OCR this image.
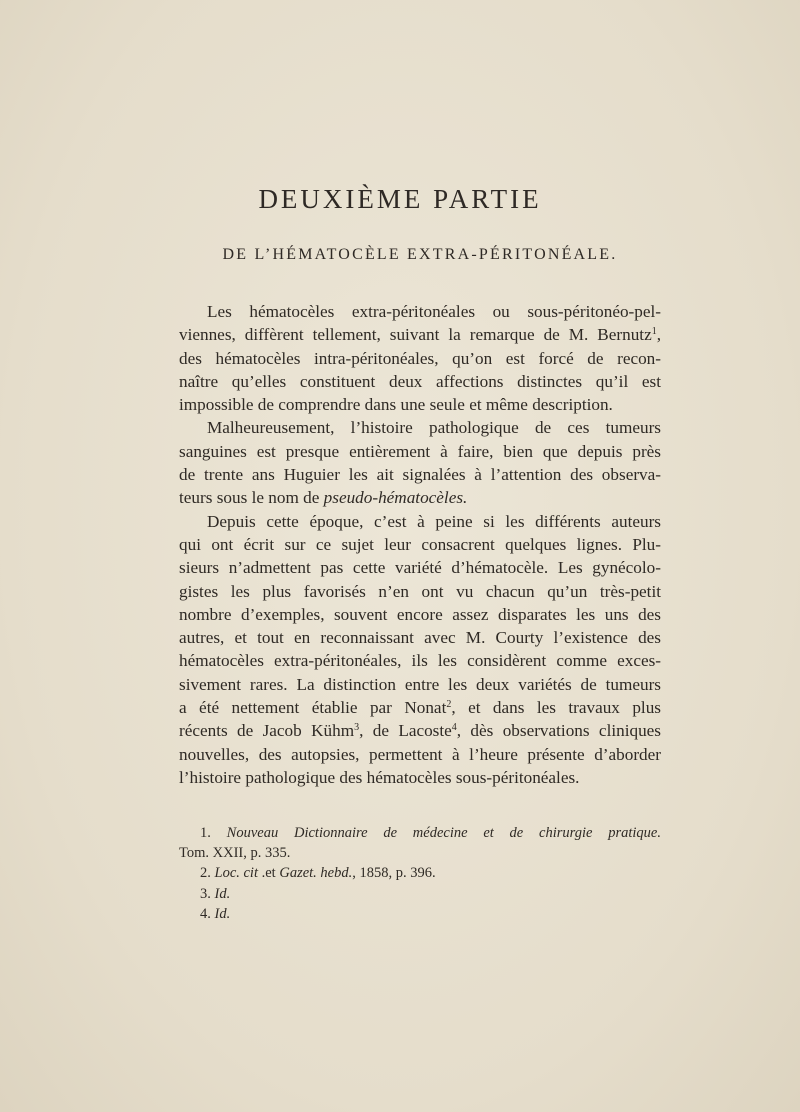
DEUXIÈME PARTIE
DE L’HÉMATOCÈLE EXTRA-PÉRITONÉALE.
Les hématocèles extra-péritonéales ou sous-péritonéo-pel-
viennes, diffèrent tellement, suivant la remarque de M. Bernutz$^1$,
des hématocèles intra-péritonéales, qu’on est forcé de recon-
naître qu’elles constituent deux affections distinctes qu’il est
impossible de comprendre dans une seule et même description.
Malheureusement, l’histoire pathologique de ces tumeurs
sanguines est presque entièrement à faire, bien que depuis près
de trente ans Huguier les ait signalées à l’attention des observa-
teurs sous le nom de pseudo-hématocèles.
Depuis cette époque, c’est à peine si les différents auteurs
qui ont écrit sur ce sujet leur consacrent quelques lignes. Plu-
sieurs n’admettent pas cette variété d’hématocèle. Les gynécolo-
gistes les plus favorisés n’en ont vu chacun qu’un très-petit
nombre d’exemples, souvent encore assez disparates les uns des
autres, et tout en reconnaissant avec M. Courty l’existence des
hématocèles extra-péritonéales, ils les considèrent comme exces-
sivement rares. La distinction entre les deux variétés de tumeurs
a été nettement établie par Nonat$^2$, et dans les travaux plus
récents de Jacob Kühm$^3$, de Lacoste$^4$, dès observations cliniques
nouvelles, des autopsies, permettent à l’heure présente d’aborder
l’histoire pathologique des hématocèles sous-péritonéales.
1. Nouveau Dictionnaire de médecine et de chirurgie pratique.
Tom. XXII, p. 335.
2. Loc. cit .et Gazet. hebd., 1858, p. 396.
3. Id.
4. Id.
